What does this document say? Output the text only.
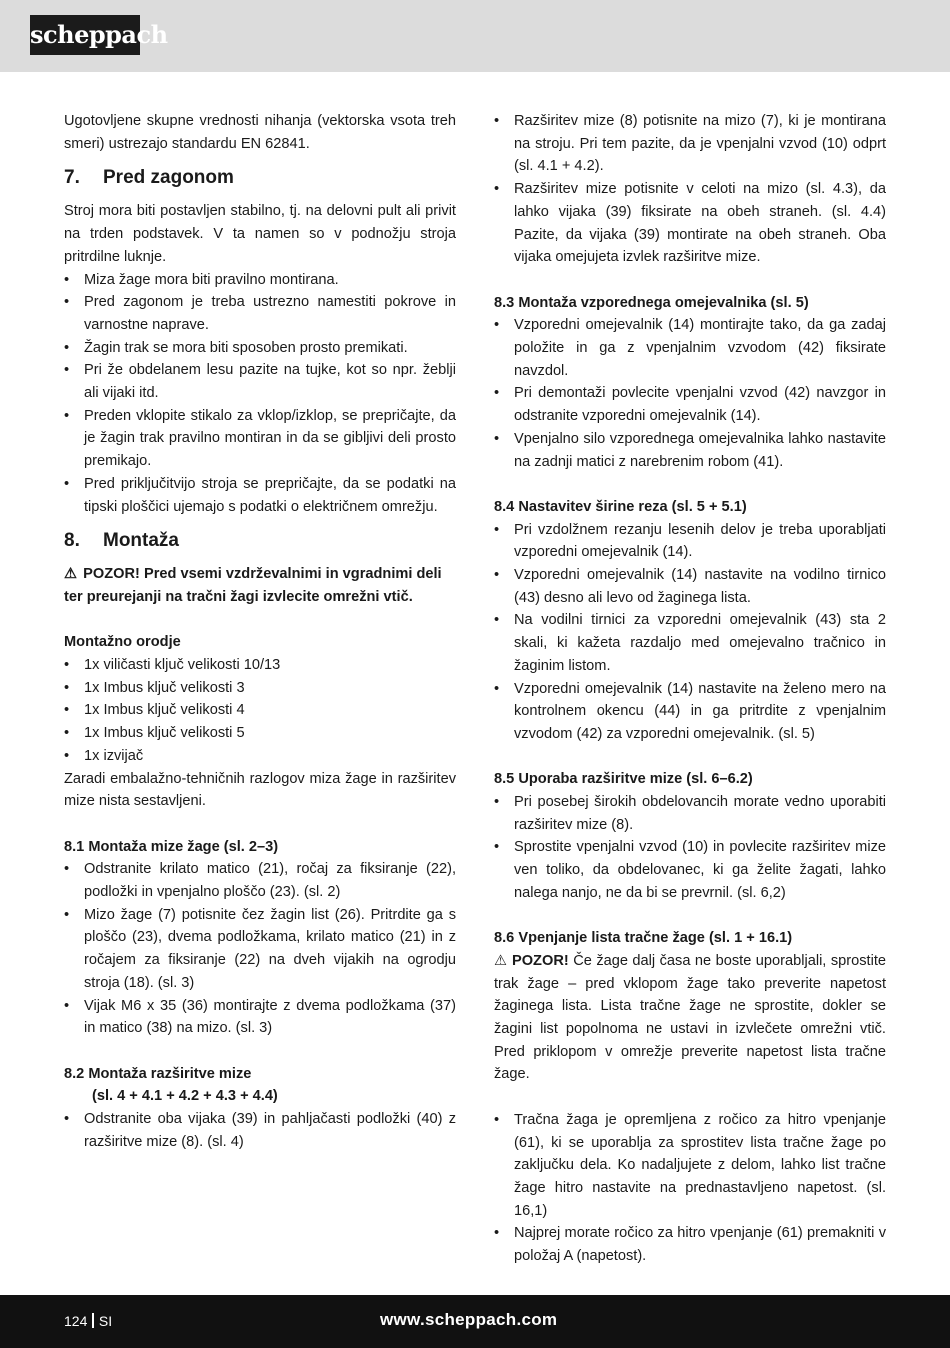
scheppach

Ugotovljene skupne vrednosti nihanja (vektorska vsota treh smeri) ustrezajo standardu EN 62841.

7. Pred zagonom

Stroj mora biti postavljen stabilno, tj. na delovni pult ali privit na trden podstavek. V ta namen so v podnožju stroja pritrdilne luknje.

• Miza žage mora biti pravilno montirana.
• Pred zagonom je treba ustrezno namestiti pokrove in varnostne naprave.
• Žagin trak se mora biti sposoben prosto premikati.
• Pri že obdelanem lesu pazite na tujke, kot so npr. žeblji ali vijaki itd.
• Preden vklopite stikalo za vklop/izklop, se prepričajte, da je žagin trak pravilno montiran in da se gibljivi deli prosto premikajo.
• Pred priključitvijo stroja se prepričajte, da se podatki na tipski ploščici ujemajo s podatki o električnem omrežju.
8. Montaža

⚠ POZOR! Pred vsemi vzdrževalnimi in vgradnimi deli ter preurejanji na tračni žagi izvlecite omrežni vtič.

Montažno orodje

• 1x viličasti ključ velikosti 10/13
• 1x Imbus ključ velikosti 3
• 1x Imbus ključ velikosti 4
• 1x Imbus ključ velikosti 5
• 1x izvijač

Zaradi embalažno-tehničnih razlogov miza žage in razširitev mize nista sestavljeni.

8.1 Montaža mize žage (sl. 2–3)

• Odstranite krilato matico (21), ročaj za fiksiranje (22), podložki in vpenjalno ploščo (23). (sl. 2)
• Mizo žage (7) potisnite čez žagin list (26). Pritrdite ga s ploščo (23), dvema podložkama, krilato matico (21) in z ročajem za fiksiranje (22) na dveh vijakih na ogrodju stroja (18). (sl. 3)
• Vijak M6 x 35 (36) montirajte z dvema podložkama (37) in matico (38) na mizo. (sl. 3)

8.2 Montaža razširitve mize

(sl. 4 + 4.1 + 4.2 + 4.3 + 4.4)

• Odstranite oba vijaka (39) in pahljačasti podložki (40) z razširitve mize (8). (sl. 4)
• Razširitev mize (8) potisnite na mizo (7), ki je montirana na stroju. Pri tem pazite, da je vpenjalni vzvod (10) odprt (sl. 4.1 + 4.2).
• Razširitev mize potisnite v celoti na mizo (sl. 4.3), da lahko vijaka (39) fiksirate na obeh straneh. (sl. 4.4) Pazite, da vijaka (39) montirate na obeh straneh. Oba vijaka omejujeta izvlek razširitve mize.

8.3 Montaža vzporednega omejevalnika (sl. 5)

• Vzporedni omejevalnik (14) montirajte tako, da ga zadaj položite in ga z vpenjalnim vzvodom (42) fiksirate navzdol.
• Pri demontaži povlecite vpenjalni vzvod (42) navzgor in odstranite vzporedni omejevalnik (14).
• Vpenjalno silo vzporednega omejevalnika lahko nastavite na zadnji matici z narebrenim robom (41).

8.4 Nastavitev širine reza (sl. 5 + 5.1)

• Pri vzdolžnem rezanju lesenih delov je treba uporabljati vzporedni omejevalnik (14).
• Vzporedni omejevalnik (14) nastavite na vodilno tirnico (43) desno ali levo od žaginega lista.
• Na vodilni tirnici za vzporedni omejevalnik (43) sta 2 skali, ki kažeta razdaljo med omejevalno tračnico in žaginim listom.
• Vzporedni omejevalnik (14) nastavite na želeno mero na kontrolnem okencu (44) in ga pritrdite z vpenjalnim vzvodom (42) za vzporedni omejevalnik. (sl. 5)

8.5 Uporaba razširitve mize (sl. 6–6.2)

• Pri posebej širokih obdelovancih morate vedno uporabiti razširitev mize (8).
• Sprostite vpenjalni vzvod (10) in povlecite razširitev mize ven toliko, da obdelovanec, ki ga želite žagati, lahko nalega nanjo, ne da bi se prevrnil. (sl. 6,2)

8.6 Vpenjanje lista tračne žage (sl. 1 + 16.1)

⚠ POZOR! Če žage dalj časa ne boste uporabljali, sprostite trak žage – pred vklopom žage tako preverite napetost žaginega lista. Lista tračne žage ne sprostite, dokler se žagini list popolnoma ne ustavi in izvlečete omrežni vtič. Pred priklopom v omrežje preverite napetost lista tračne žage.

• Tračna žaga je opremljena z ročico za hitro vpenjanje (61), ki se uporablja za sprostitev lista tračne žage po zaključku dela. Ko nadaljujete z delom, lahko list tračne žage hitro nastavite na prednastavljeno napetost. (sl. 16,1)
• Najprej morate ročico za hitro vpenjanje (61) premakniti v položaj A (napetost).
124 SI	www.scheppach.com
